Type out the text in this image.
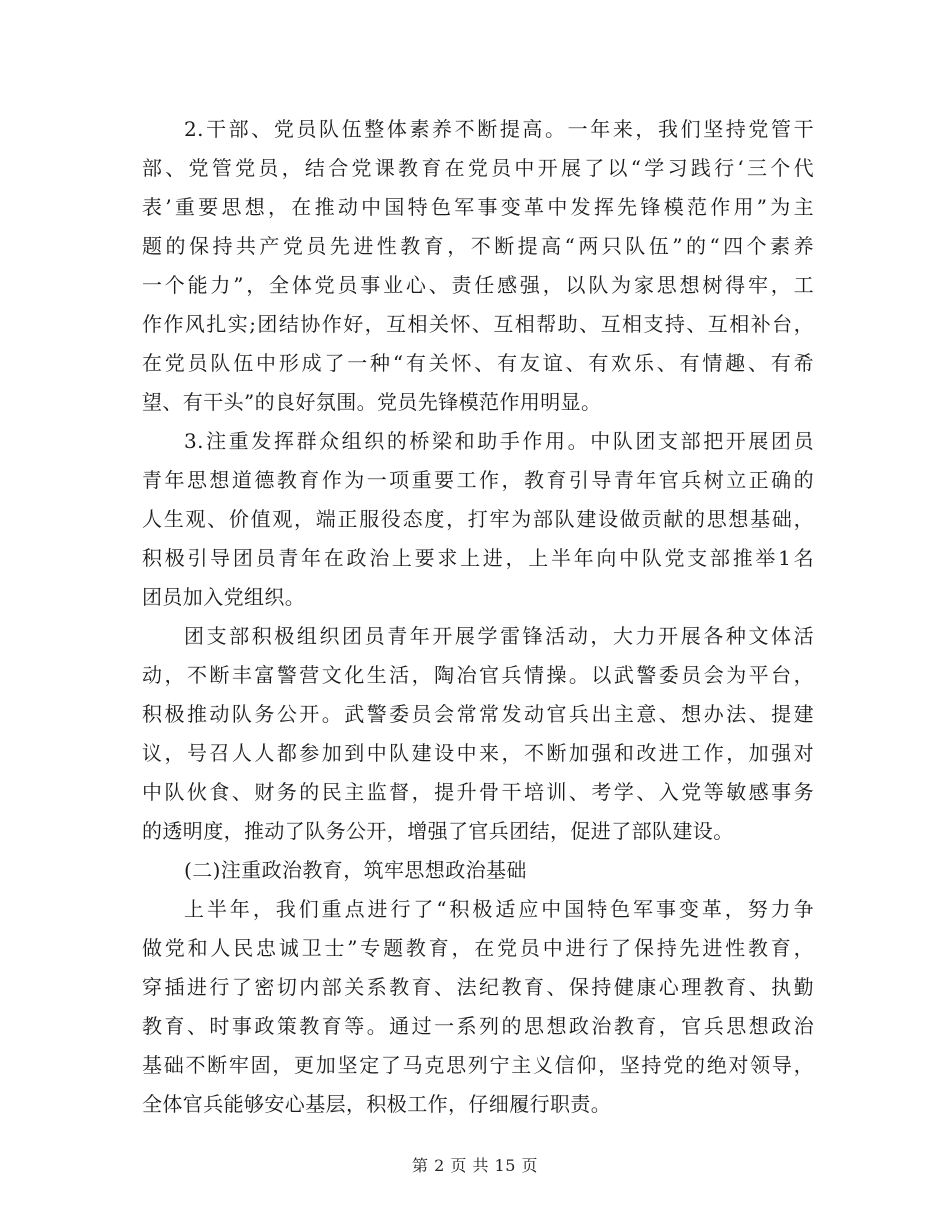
2.干部、党员队伍整体素养不断提高。一年来，我们坚持党管干
部、党管党员，结合党课教育在党员中开展了以“学习践行‘三个代
表’重要思想，在推动中国特色军事变革中发挥先锋模范作用”为主
题的保持共产党员先进性教育，不断提高“两只队伍”的“四个素养
一个能力”，全体党员事业心、责任感强，以队为家思想树得牢，工
作作风扎实;团结协作好，互相关怀、互相帮助、互相支持、互相补台，
在党员队伍中形成了一种“有关怀、有友谊、有欢乐、有情趣、有希
望、有干头”的良好氛围。党员先锋模范作用明显。
3.注重发挥群众组织的桥梁和助手作用。中队团支部把开展团员
青年思想道德教育作为一项重要工作，教育引导青年官兵树立正确的
人生观、价值观，端正服役态度，打牢为部队建设做贡献的思想基础，
积极引导团员青年在政治上要求上进，上半年向中队党支部推举1名
团员加入党组织。
团支部积极组织团员青年开展学雷锋活动，大力开展各种文体活
动，不断丰富警营文化生活，陶冶官兵情操。以武警委员会为平台，
积极推动队务公开。武警委员会常常发动官兵出主意、想办法、提建
议，号召人人都参加到中队建设中来，不断加强和改进工作，加强对
中队伙食、财务的民主监督，提升骨干培训、考学、入党等敏感事务
的透明度，推动了队务公开，增强了官兵团结，促进了部队建设。
(二)注重政治教育，筑牢思想政治基础
上半年，我们重点进行了“积极适应中国特色军事变革，努力争
做党和人民忠诚卫士”专题教育，在党员中进行了保持先进性教育，
穿插进行了密切内部关系教育、法纪教育、保持健康心理教育、执勤
教育、时事政策教育等。通过一系列的思想政治教育，官兵思想政治
基础不断牢固，更加坚定了马克思列宁主义信仰，坚持党的绝对领导，
全体官兵能够安心基层，积极工作，仔细履行职责。
第 2 页 共 15 页
